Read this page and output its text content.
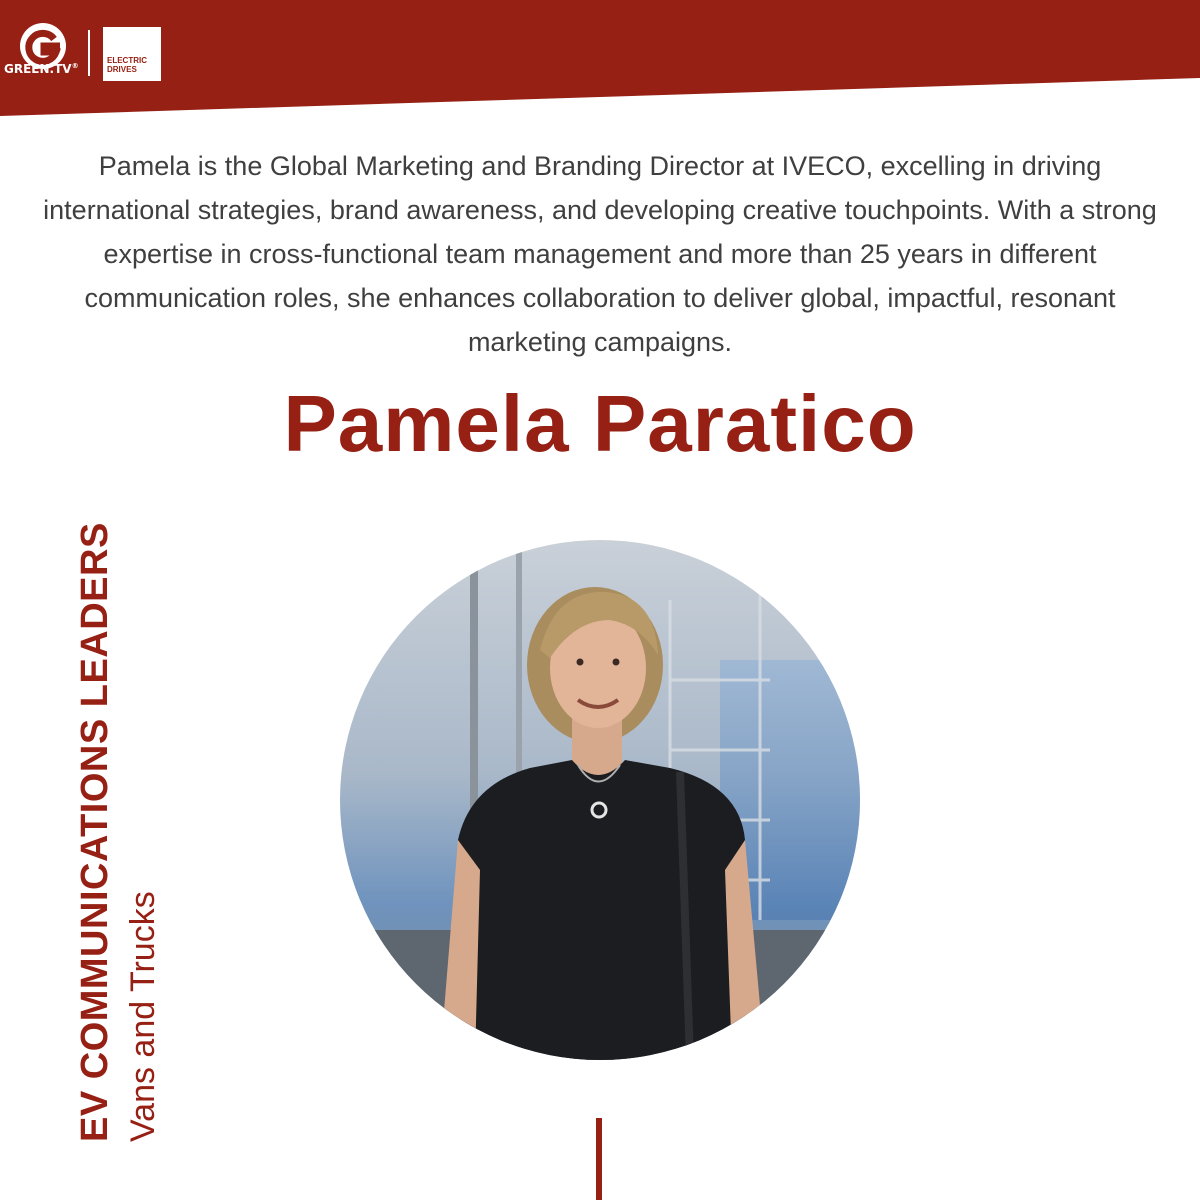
GREEN.TV®
ELECTRIC
DRIVES

Pamela is the Global Marketing and Branding Director at IVECO, excelling in driving international strategies, brand awareness, and developing creative touchpoints. With a strong expertise in cross-functional team management and more than 25 years in different communication roles, she enhances collaboration to deliver global, impactful, resonant marketing campaigns.

Pamela Paratico
EV COMMUNICATIONS LEADERS Vans and Trucks
